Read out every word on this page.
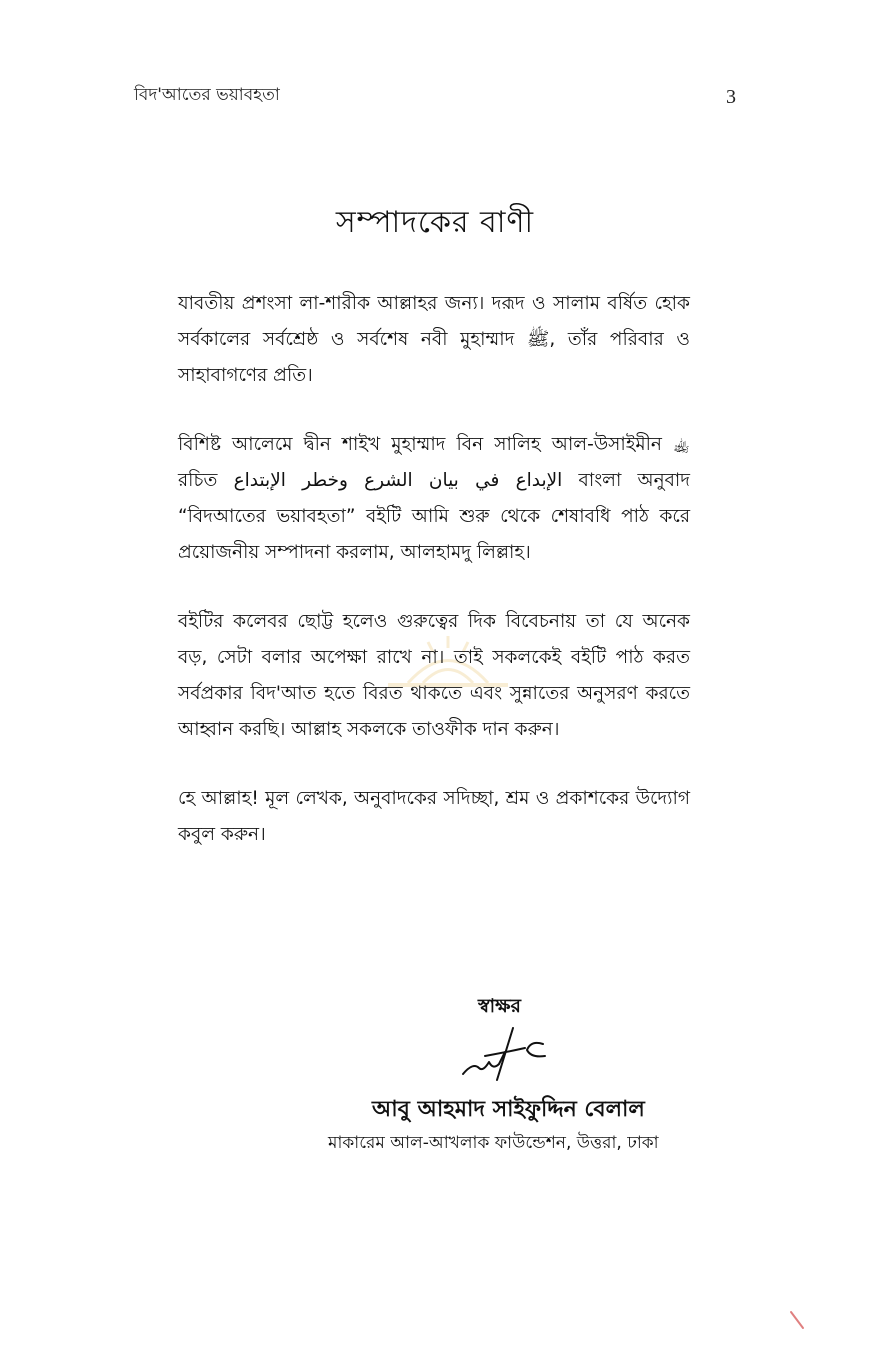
বিদ'আতের ভয়াবহতা	3
সম্পাদকের বাণী

যাবতীয় প্রশংসা লা-শারীক আল্লাহর জন্য। দরূদ ও সালাম বর্ষিত হোক সর্বকালের সর্বশ্রেষ্ঠ ও সর্বশেষ নবী মুহাম্মাদ ﷺ, তাঁর পরিবার ও সাহাবাগণের প্রতি।

বিশিষ্ট আলেমে দ্বীন শাইখ মুহাম্মাদ বিন সালিহ আল-উসাইমীন ﵀ রচিত الإبداع في بيان الشرع وخطر الإبتداع বাংলা অনুবাদ “বিদআতের ভয়াবহতা” বইটি আমি শুরু থেকে শেষাবধি পাঠ করে প্রয়োজনীয় সম্পাদনা করলাম, আলহামদু লিল্লাহ।

বইটির কলেবর ছোট্ট হলেও গুরুত্বের দিক বিবেচনায় তা যে অনেক বড়, সেটা বলার অপেক্ষা রাখে না। তাই সকলকেই বইটি পাঠ করত সর্বপ্রকার বিদ'আত হতে বিরত থাকতে এবং সুন্নাতের অনুসরণ করতে আহ্বান করছি। আল্লাহ সকলকে তাওফীক দান করুন।

হে আল্লাহ! মূল লেখক, অনুবাদকের সদিচ্ছা, শ্রম ও প্রকাশকের উদ্যোগ কবুল করুন।

স্বাক্ষর
আবু আহমাদ সাইফুদ্দিন বেলাল
মাকারেম আল-আখলাক ফাউন্ডেশন, উত্তরা, ঢাকা
